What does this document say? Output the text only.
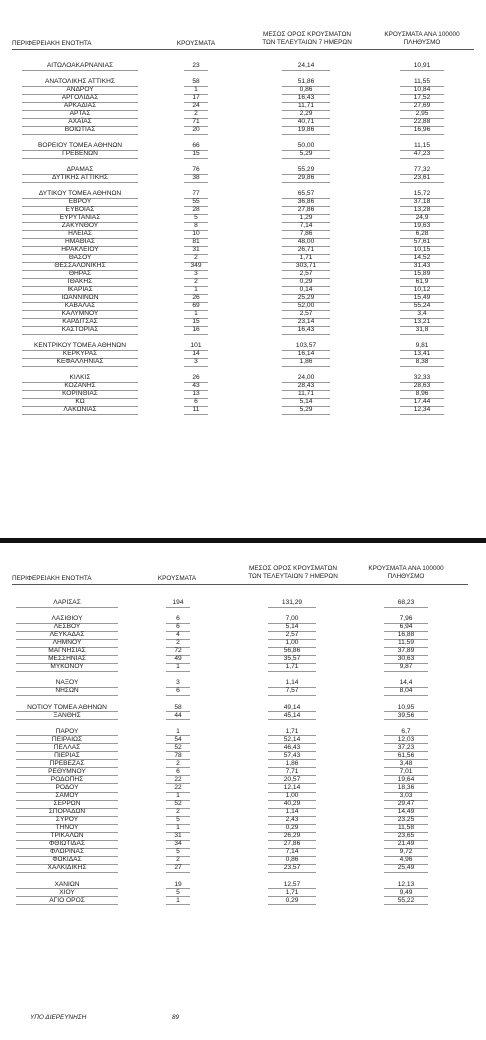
ΠΕΡΙΦΕΡΕΙΑΚΗ ΕΝΟΤΗΤΑ	ΚΡΟΥΣΜΑΤΑ
ΜΕΣΟΣ ΟΡΟΣ ΚΡΟΥΣΜΑΤΩΝ
ΤΩΝ ΤΕΛΕΥΤΑΙΩΝ 7 ΗΜΕΡΩΝ
ΚΡΟΥΣΜΑΤΑ ΑΝΑ 100000
ΠΛΗΘΥΣΜΟ
ΑΙΤΩΛΟΑΚΑΡΝΑΝΙΑΣ	23	24,14	10,91
ΑΝΑΤΟΛΙΚΗΣ ΑΤΤΙΚΗΣ	58	51,86	11,55
ΑΝΔΡΟΥ	1	0,86	10,84
ΑΡΓΟΛΙΔΑΣ	17	16,43	17,52
ΑΡΚΑΔΙΑΣ	24	11,71	27,69
ΑΡΤΑΣ	2	2,29	2,95
ΑΧΑΪΑΣ	71	40,71	22,88
ΒΟΙΩΤΙΑΣ	20	19,86	16,96
ΒΟΡΕΙΟΥ ΤΟΜΕΑ ΑΘΗΝΩΝ	66	50,00	11,15
ΓΡΕΒΕΝΩΝ	15	5,29	47,23
ΔΡΑΜΑΣ	76	55,29	77,32
ΔΥΤΙΚΗΣ ΑΤΤΙΚΗΣ	38	29,86	23,61
ΔΥΤΙΚΟΥ ΤΟΜΕΑ ΑΘΗΝΩΝ	77	65,57	15,72
ΕΒΡΟΥ	55	36,86	37,18
ΕΥΒΟΙΑΣ	28	27,86	13,28
ΕΥΡΥΤΑΝΙΑΣ	5	1,29	24,9
ΖΑΚΥΝΘΟΥ	8	7,14	19,63
ΗΛΕΙΑΣ	10	7,86	6,28
ΗΜΑΘΙΑΣ	81	48,00	57,61
ΗΡΑΚΛΕΙΟΥ	31	26,71	10,15
ΘΑΣΟΥ	2	1,71	14,52
ΘΕΣΣΑΛΟΝΙΚΗΣ	349	303,71	31,43
ΘΗΡΑΣ	3	2,57	15,89
ΙΘΑΚΗΣ	2	0,29	61,9
ΙΚΑΡΙΑΣ	1	0,14	10,12
ΙΩΑΝΝΙΝΩΝ	26	25,29	15,49
ΚΑΒΑΛΑΣ	69	52,00	55,24
ΚΑΛΥΜΝΟΥ	1	2,57	3,4
ΚΑΡΔΙΤΣΑΣ	15	23,14	13,21
ΚΑΣΤΟΡΙΑΣ	16	16,43	31,8
ΚΕΝΤΡΙΚΟΥ ΤΟΜΕΑ ΑΘΗΝΩΝ	101	103,57	9,81
ΚΕΡΚΥΡΑΣ	14	16,14	13,41
ΚΕΦΑΛΛΗΝΙΑΣ	3	1,86	8,38
ΚΙΛΚΙΣ	26	24,00	32,33
ΚΟΖΑΝΗΣ	43	28,43	28,63
ΚΟΡΙΝΘΙΑΣ	13	11,71	8,96
ΚΩ	6	5,14	17,44
ΛΑΚΩΝΙΑΣ	11	5,29	12,34
ΠΕΡΙΦΕΡΕΙΑΚΗ ΕΝΟΤΗΤΑ	ΚΡΟΥΣΜΑΤΑ
ΜΕΣΟΣ ΟΡΟΣ ΚΡΟΥΣΜΑΤΩΝ
ΤΩΝ ΤΕΛΕΥΤΑΙΩΝ 7 ΗΜΕΡΩΝ
ΚΡΟΥΣΜΑΤΑ ΑΝΑ 100000
ΠΛΗΘΥΣΜΟ
ΛΑΡΙΣΑΣ	194	131,29	68,23
ΛΑΣΙΘΙΟΥ	6	7,00	7,96
ΛΕΣΒΟΥ	6	5,14	6,94
ΛΕΥΚΑΔΑΣ	4	2,57	16,88
ΛΗΜΝΟΥ	2	1,00	11,59
ΜΑΓΝΗΣΙΑΣ	72	56,86	37,89
ΜΕΣΣΗΝΙΑΣ	49	35,57	30,63
ΜΥΚΟΝΟΥ	1	1,71	9,87
ΝΑΞΟΥ	3	1,14	14,4
ΝΗΣΩΝ	6	7,57	8,04
ΝΟΤΙΟΥ ΤΟΜΕΑ ΑΘΗΝΩΝ	58	49,14	10,95
ΞΑΝΘΗΣ	44	45,14	39,56
ΠΑΡΟΥ	1	1,71	6,7
ΠΕΙΡΑΙΩΣ	54	52,14	12,03
ΠΕΛΛΑΣ	52	46,43	37,23
ΠΙΕΡΙΑΣ	78	57,43	61,56
ΠΡΕΒΕΖΑΣ	2	1,86	3,48
ΡΕΘΥΜΝΟΥ	6	7,71	7,01
ΡΟΔΟΠΗΣ	22	20,57	19,64
ΡΟΔΟΥ	22	12,14	18,36
ΣΑΜΟΥ	1	1,00	3,03
ΣΕΡΡΩΝ	52	40,29	29,47
ΣΠΟΡΑΔΩΝ	2	1,14	14,49
ΣΥΡΟΥ	5	2,43	23,25
ΤΗΝΟΥ	1	0,29	11,58
ΤΡΙΚΑΛΩΝ	31	26,29	23,65
ΦΘΙΩΤΙΔΑΣ	34	27,86	21,49
ΦΛΩΡΙΝΑΣ	5	7,14	9,72
ΦΩΚΙΔΑΣ	2	0,86	4,96
ΧΑΛΚΙΔΙΚΗΣ	27	23,57	25,49
ΧΑΝΙΩΝ	19	12,57	12,13
ΧΙΟΥ	5	1,71	9,49
ΑΓΙΟ ΟΡΟΣ	1	0,29	55,22
ΥΠΟ ΔΙΕΡΕΥΝΗΣΗ	89
